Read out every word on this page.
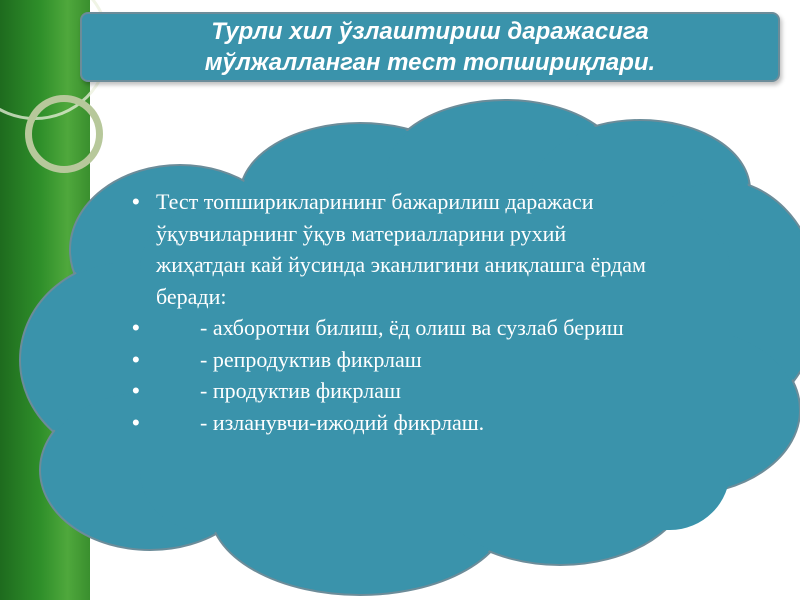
Турли хил ўзлаштириш даражасига
мўлжалланган тест топшириқлари.
• Тест топширикларининг бажарилиш даражаси ўқувчиларнинг ўқув материалларини рухий жиҳатдан кай йусинда эканлигини аниқлашга ёрдам беради:
• - ахборотни билиш, ёд олиш ва сузлаб бериш
• - репродуктив фикрлаш
• - продуктив фикрлаш
• - изланувчи-ижодий фикрлаш.
